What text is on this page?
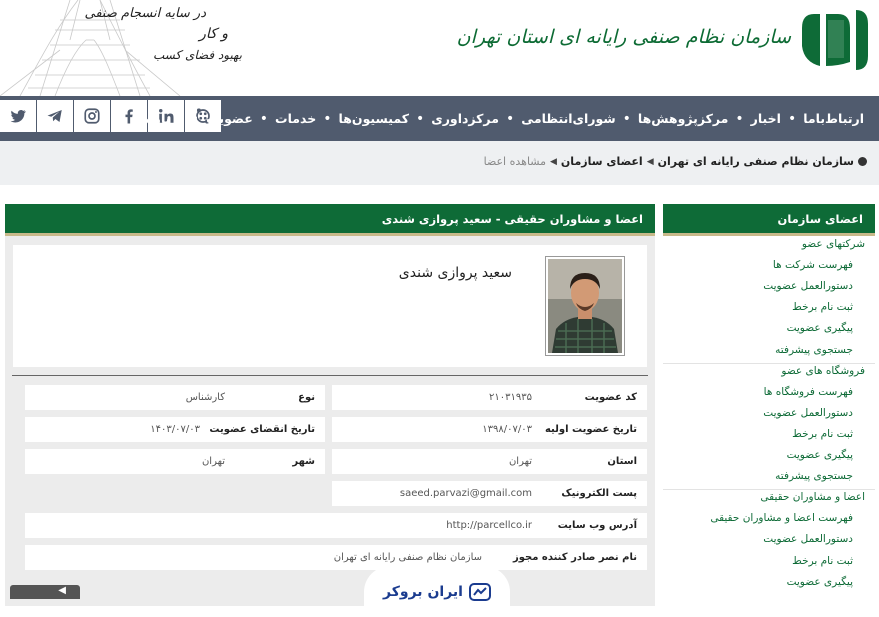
در سایه انسجام صنفی
و کار
بهبود فضای کسب
سازمان نظام صنفی رایانه ای استان تهران
درباره‌ما • عضویت • خدمات • کمیسیون‌ها • مرکزداوری • شورای‌انتظامی • مرکزپژوهش‌ها • اخبار • ارتباط‌باما
سازمان نظام صنفی رایانه ای تهران
◀
اعضای سازمان
◀
مشاهده اعضا
اعضا و مشاوران حقیقی - سعید پروازی شندی
سعید پروازی شندی
کد عضویت
۲۱۰۳۱۹۳۵
نوع
کارشناس
تاریخ عضویت اولیه
۱۳۹۸/۰۷/۰۳
تاریخ انقضای عضویت
۱۴۰۳/۰۷/۰۳
استان
تهران
شهر
تهران
پست الکترونیک
saeed.parvazi@gmail.com
آدرس وب سایت
http://parcellco.ir
نام نصر صادر کننده مجوز
سازمان نظام صنفی رایانه ای تهران
اعضای سازمان
شرکتهای عضو
فهرست شرکت ها
دستورالعمل عضویت
ثبت نام برخط
پیگیری عضویت
جستجوی پیشرفته
فروشگاه های عضو
فهرست فروشگاه ها
دستورالعمل عضویت
ثبت نام برخط
پیگیری عضویت
جستجوی پیشرفته
اعضا و مشاوران حقیقی
فهرست اعضا و مشاوران حقیقی
دستورالعمل عضویت
ثبت نام برخط
پیگیری عضویت
◀	ایران بروکر
